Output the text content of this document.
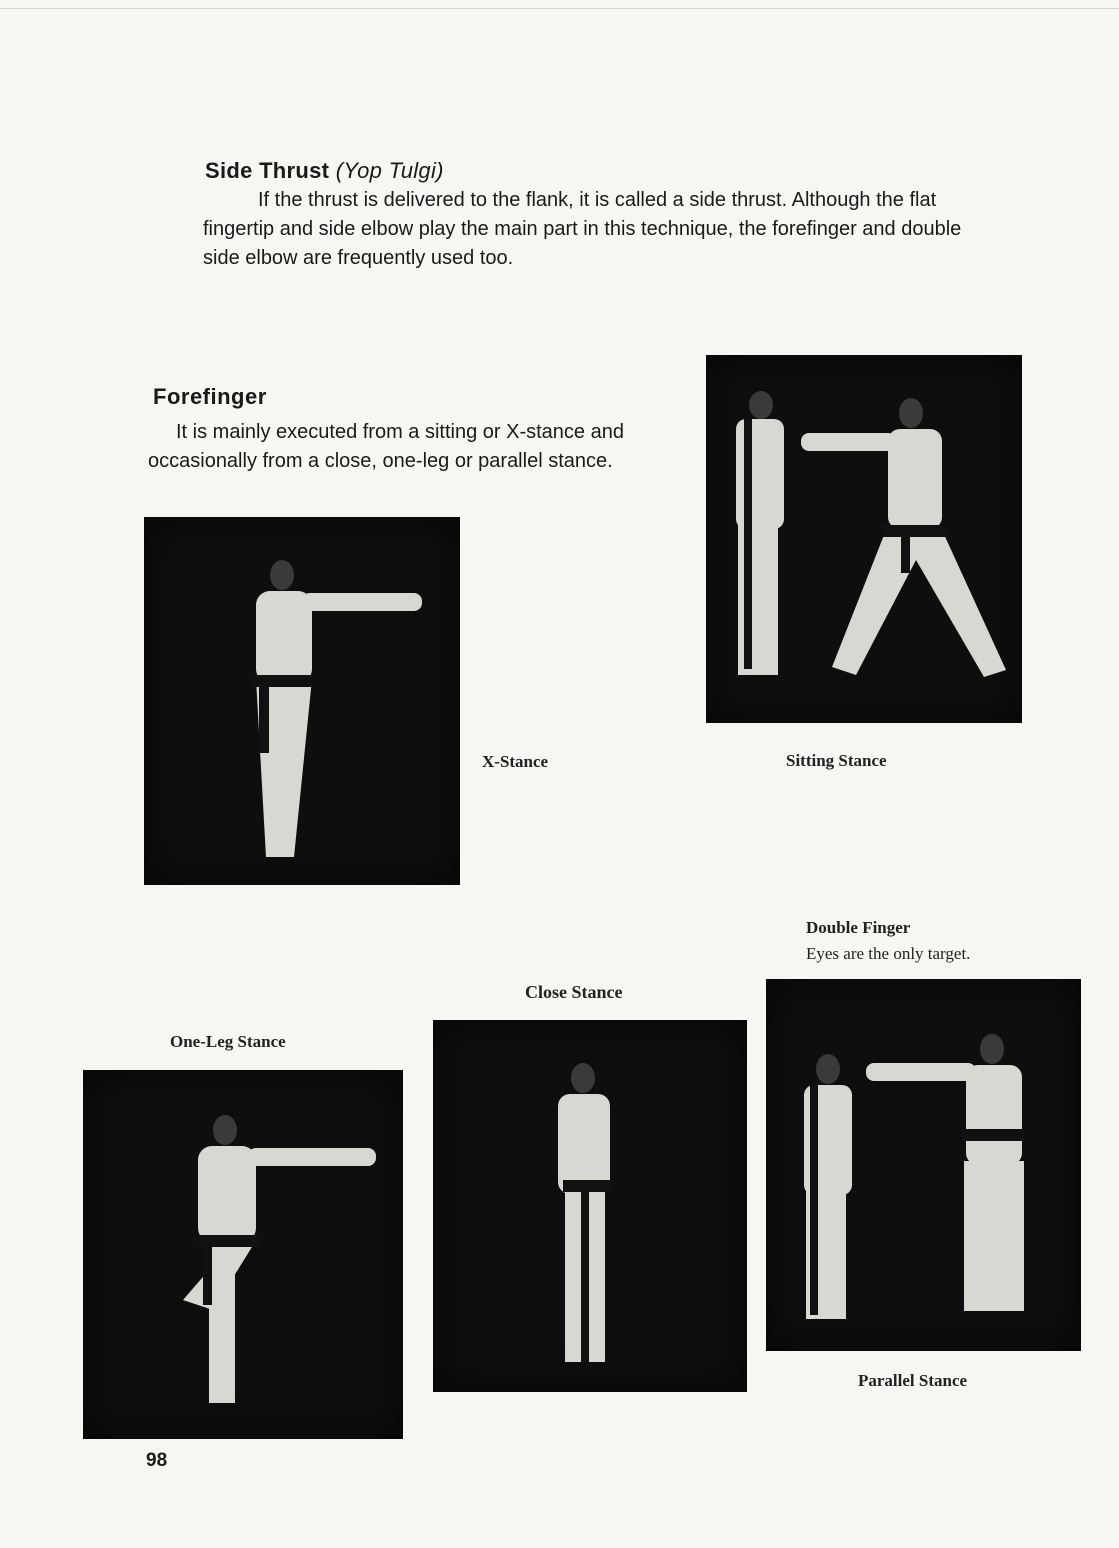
Side Thrust (Yop Tulgi)
If the thrust is delivered to the flank, it is called a side thrust. Although the flat fingertip and side elbow play the main part in this technique, the forefinger and double side elbow are frequently used too.
Forefinger
It is mainly executed from a sitting or X-stance and occasionally from a close, one-leg or parallel stance.
X-Stance	Sitting Stance
Double Finger
Eyes are the only target.
Close Stance
One-Leg Stance
Parallel Stance
98
